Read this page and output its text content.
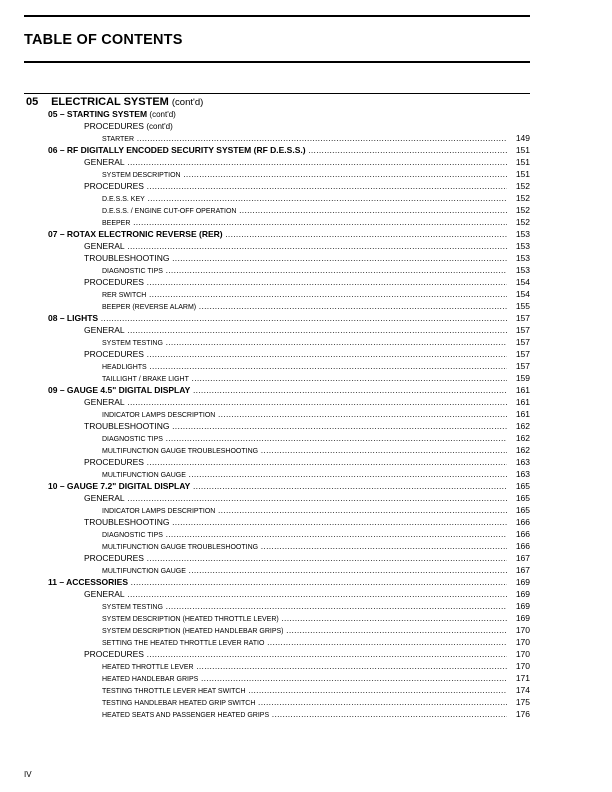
TABLE OF CONTENTS
05 ELECTRICAL SYSTEM (cont'd)
05 – STARTING SYSTEM (cont'd)
PROCEDURES (cont'd)
STARTER .....	149
06 – RF DIGITALLY ENCODED SECURITY SYSTEM (RF D.E.S.S.) .....	151
GENERAL .....	151
SYSTEM DESCRIPTION .....	151
PROCEDURES .....	152
D.E.S.S. KEY .....	152
D.E.S.S. / ENGINE CUT-OFF OPERATION .....	152
BEEPER .....	152
07 – ROTAX ELECTRONIC REVERSE (RER) .....	153
GENERAL .....	153
TROUBLESHOOTING .....	153
DIAGNOSTIC TIPS .....	153
PROCEDURES .....	154
RER SWITCH .....	154
BEEPER (REVERSE ALARM) .....	155
08 – LIGHTS .....	157
GENERAL .....	157
SYSTEM TESTING .....	157
PROCEDURES .....	157
HEADLIGHTS .....	157
TAILLIGHT / BRAKE LIGHT .....	159
09 – GAUGE 4.5" DIGITAL DISPLAY .....	161
GENERAL .....	161
INDICATOR LAMPS DESCRIPTION .....	161
TROUBLESHOOTING .....	162
DIAGNOSTIC TIPS .....	162
MULTIFUNCTION GAUGE TROUBLESHOOTING .....	162
PROCEDURES .....	163
MULTIFUNCTION GAUGE .....	163
10 – GAUGE 7.2" DIGITAL DISPLAY .....	165
GENERAL .....	165
INDICATOR LAMPS DESCRIPTION .....	165
TROUBLESHOOTING .....	166
DIAGNOSTIC TIPS .....	166
MULTIFUNCTION GAUGE TROUBLESHOOTING .....	166
PROCEDURES .....	167
MULTIFUNCTION GAUGE .....	167
11 – ACCESSORIES .....	169
GENERAL .....	169
SYSTEM TESTING .....	169
SYSTEM DESCRIPTION (HEATED THROTTLE LEVER) .....	169
SYSTEM DESCRIPTION (HEATED HANDLEBAR GRIPS) .....	170
SETTING THE HEATED THROTTLE LEVER RATIO .....	170
PROCEDURES .....	170
HEATED THROTTLE LEVER .....	170
HEATED HANDLEBAR GRIPS .....	171
TESTING THROTTLE LEVER HEAT SWITCH .....	174
TESTING HANDLEBAR HEATED GRIP SWITCH .....	175
HEATED SEATS AND PASSENGER HEATED GRIPS .....	176
IV
